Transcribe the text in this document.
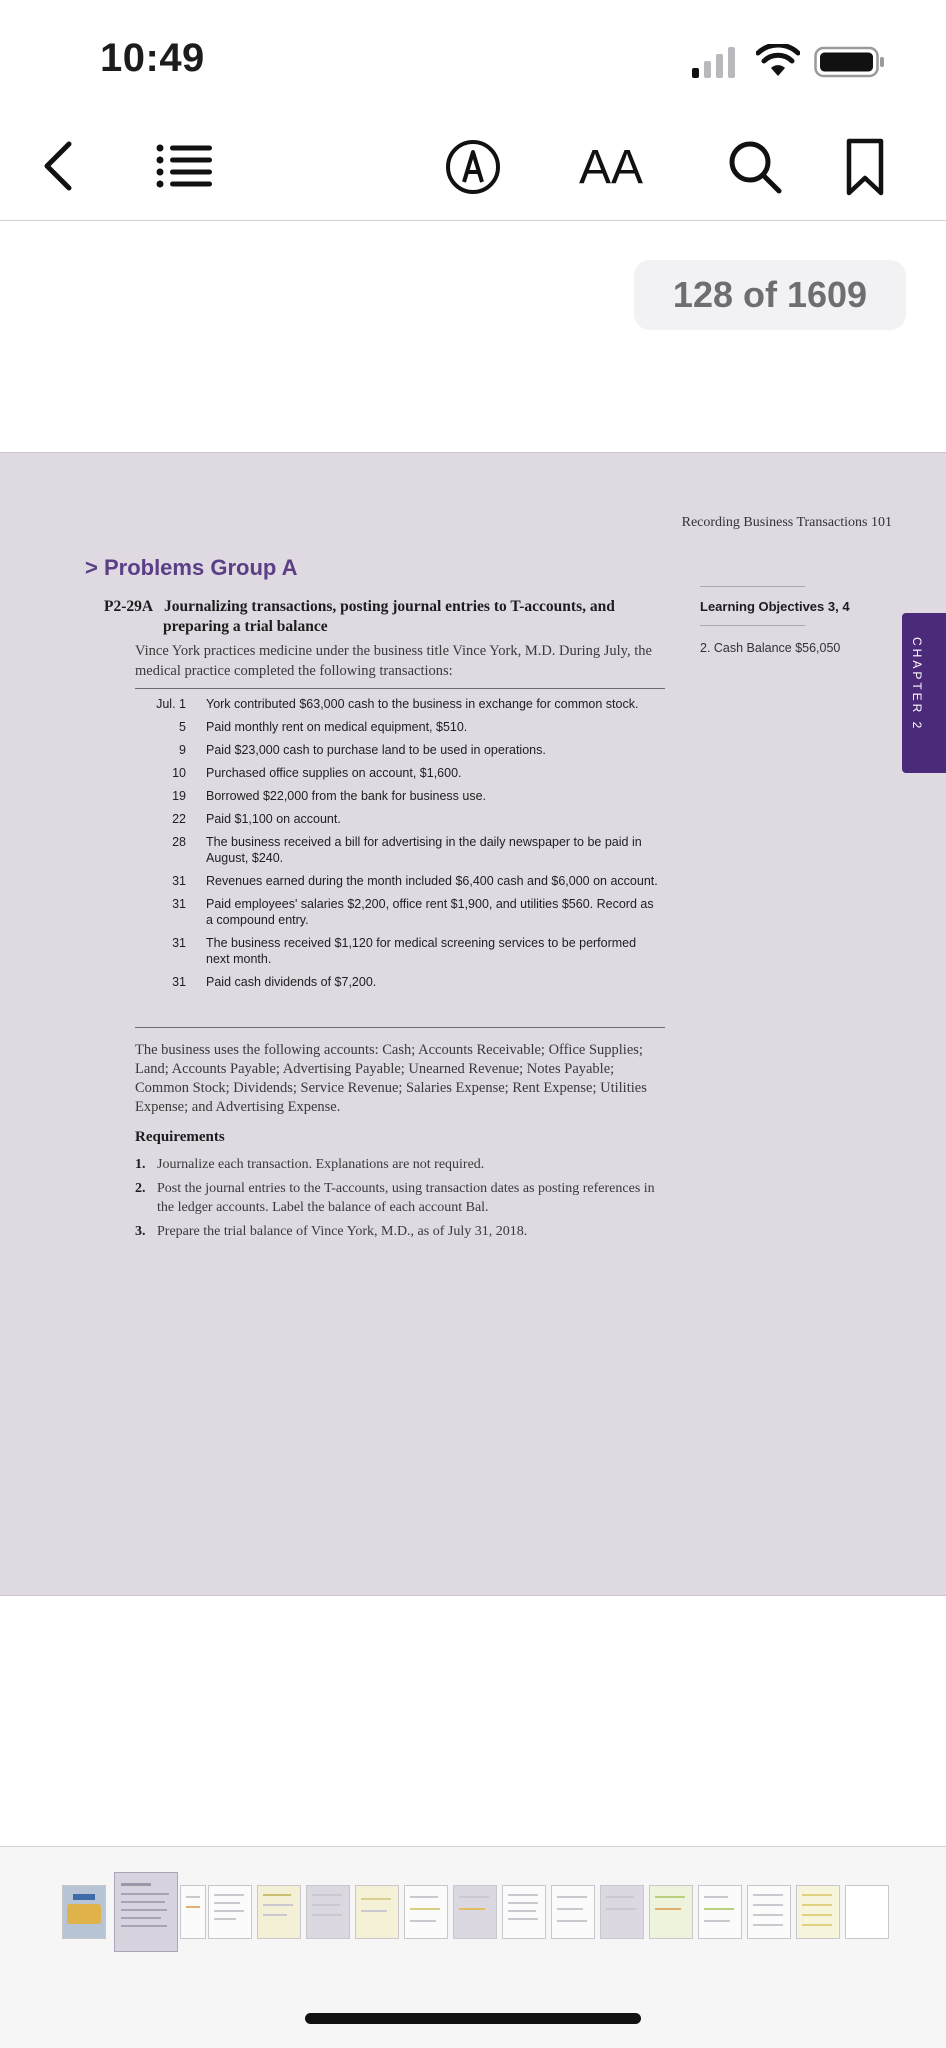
10:49
AA
128 of 1609
Recording Business Transactions 101
> Problems Group A
P2-29A Journalizing transactions, posting journal entries to T-accounts, and
preparing a trial balance
Vince York practices medicine under the business title Vince York, M.D. During July, the medical practice completed the following transactions:
Jul. 1	York contributed $63,000 cash to the business in exchange for common stock.
5	Paid monthly rent on medical equipment, $510.
9	Paid $23,000 cash to purchase land to be used in operations.
10	Purchased office supplies on account, $1,600.
19	Borrowed $22,000 from the bank for business use.
22	Paid $1,100 on account.
28	The business received a bill for advertising in the daily newspaper to be paid in August, $240.
31	Revenues earned during the month included $6,400 cash and $6,000 on account.
31	Paid employees' salaries $2,200, office rent $1,900, and utilities $560. Record as a compound entry.
31	The business received $1,120 for medical screening services to be performed next month.
31	Paid cash dividends of $7,200.
The business uses the following accounts: Cash; Accounts Receivable; Office Supplies; Land; Accounts Payable; Advertising Payable; Unearned Revenue; Notes Payable; Common Stock; Dividends; Service Revenue; Salaries Expense; Rent Expense; Utilities Expense; and Advertising Expense.
Requirements
1. Journalize each transaction. Explanations are not required.
2. Post the journal entries to the T-accounts, using transaction dates as posting references in the ledger accounts. Label the balance of each account Bal.
3. Prepare the trial balance of Vince York, M.D., as of July 31, 2018.
Learning Objectives 3, 4
2. Cash Balance $56,050	CHAPTER 2
